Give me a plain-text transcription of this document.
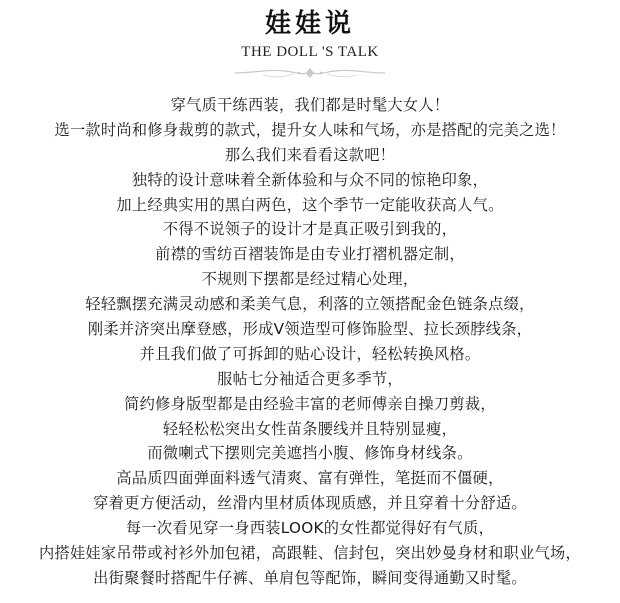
娃娃说
THE DOLL 'S TALK
穿气质干练西装，我们都是时髦大女人！
选一款时尚和修身裁剪的款式，提升女人味和气场，亦是搭配的完美之选！
那么我们来看看这款吧！
独特的设计意味着全新体验和与众不同的惊艳印象，
加上经典实用的黑白两色，这个季节一定能收获高人气。
不得不说领子的设计才是真正吸引到我的，
前襟的雪纺百褶装饰是由专业打褶机器定制，
不规则下摆都是经过精心处理，
轻轻飘摆充满灵动感和柔美气息，利落的立领搭配金色链条点缀，
刚柔并济突出摩登感，形成V领造型可修饰脸型、拉长颈脖线条，
并且我们做了可拆卸的贴心设计，轻松转换风格。
服帖七分袖适合更多季节，
简约修身版型都是由经验丰富的老师傅亲自操刀剪裁，
轻轻松松突出女性苗条腰线并且特别显瘦，
而微喇式下摆则完美遮挡小腹、修饰身材线条。
高品质四面弹面料透气清爽、富有弹性，笔挺而不僵硬，
穿着更方便活动，丝滑内里材质体现质感，并且穿着十分舒适。
每一次看见穿一身西装LOOK的女性都觉得好有气质，
内搭娃娃家吊带或衬衫外加包裙，高跟鞋、信封包，突出妙曼身材和职业气场，
出街聚餐时搭配牛仔裤、单肩包等配饰，瞬间变得通勤又时髦。
